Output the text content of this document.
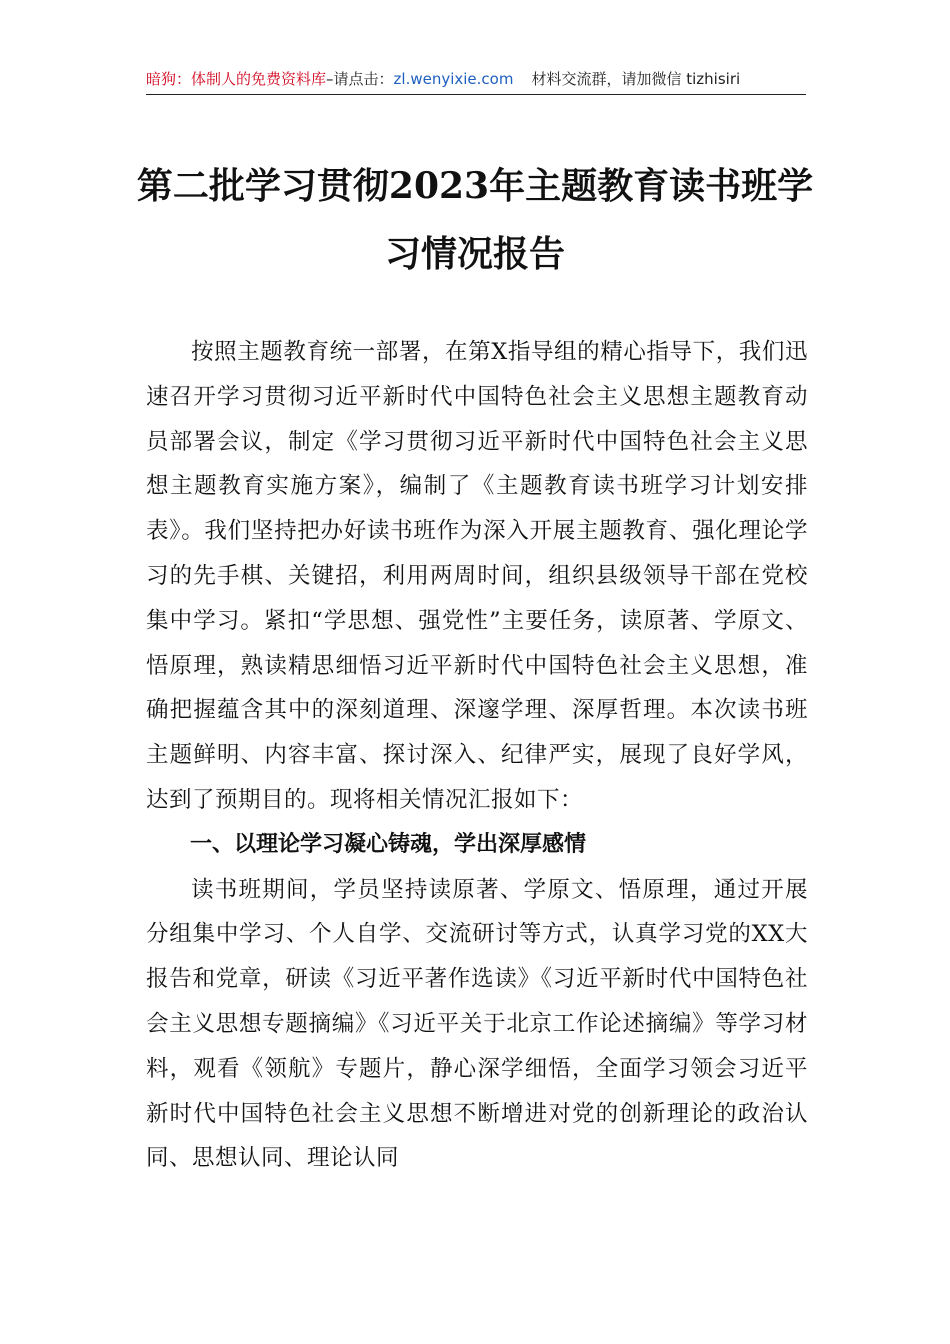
暗狗：体制人的免费资料库–请点击：zl.wenyixie.com 材料交流群，请加微信 tizhisiri
第二批学习贯彻2023年主题教育读书班学习情况报告

按照主题教育统一部署，在第X指导组的精心指导下，我们迅速召开学习贯彻习近平新时代中国特色社会主义思想主题教育动员部署会议，制定《学习贯彻习近平新时代中国特色社会主义思想主题教育实施方案》，编制了《主题教育读书班学习计划安排表》。我们坚持把办好读书班作为深入开展主题教育、强化理论学习的先手棋、关键招，利用两周时间，组织县级领导干部在党校集中学习。紧扣“学思想、强党性”主要任务，读原著、学原文、悟原理，熟读精思细悟习近平新时代中国特色社会主义思想，准确把握蕴含其中的深刻道理、深邃学理、深厚哲理。本次读书班主题鲜明、内容丰富、探讨深入、纪律严实，展现了良好学风，达到了预期目的。现将相关情况汇报如下：

一、以理论学习凝心铸魂，学出深厚感情

读书班期间，学员坚持读原著、学原文、悟原理，通过开展分组集中学习、个人自学、交流研讨等方式，认真学习党的XX大报告和党章，研读《习近平著作选读》《习近平新时代中国特色社会主义思想专题摘编》《习近平关于北京工作论述摘编》等学习材料，观看《领航》专题片，静心深学细悟，全面学习领会习近平新时代中国特色社会主义思想不断增进对党的创新理论的政治认同、思想认同、理论认同
